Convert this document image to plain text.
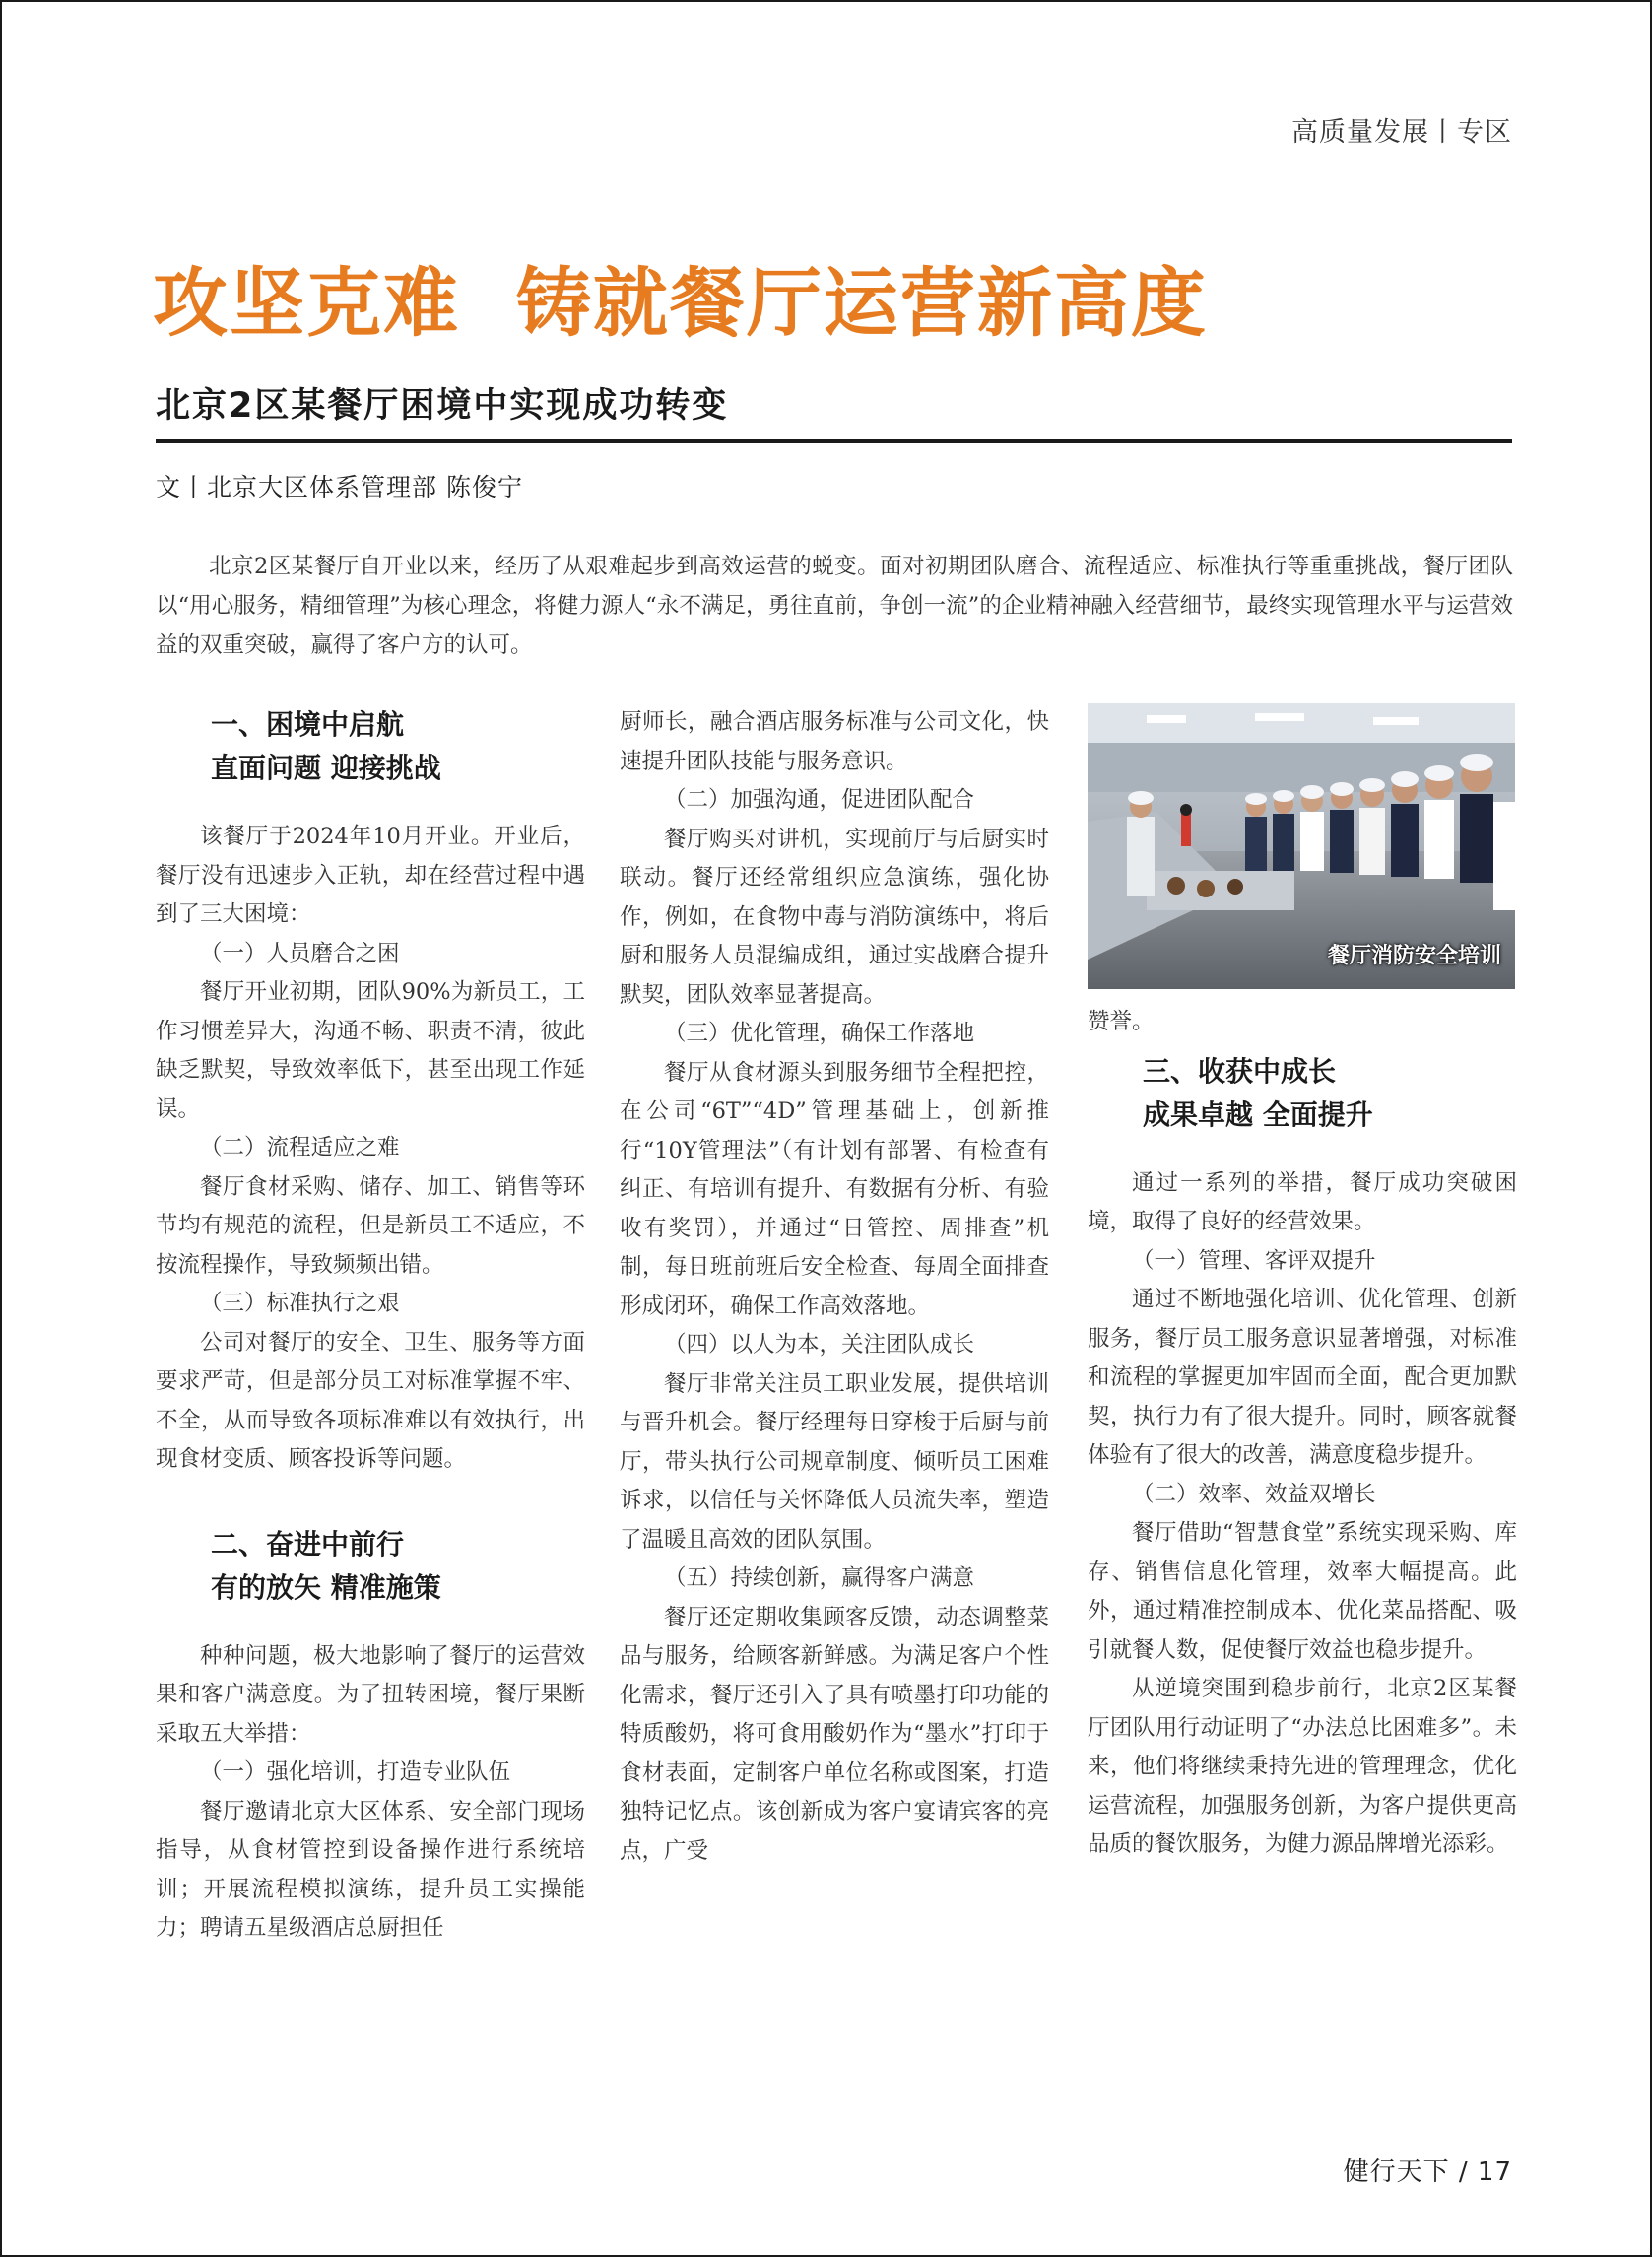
高质量发展丨专区
攻坚克难  铸就餐厅运营新高度
北京2区某餐厅困境中实现成功转变
文丨北京大区体系管理部 陈俊宁

北京2区某餐厅自开业以来，经历了从艰难起步到高效运营的蜕变。面对初期团队磨合、流程适应、标准执行等重重挑战，餐厅团队以“用心服务，精细管理”为核心理念，将健力源人“永不满足，勇往直前，争创一流”的企业精神融入经营细节，最终实现管理水平与运营效益的双重突破，赢得了客户方的认可。

一、困境中启航

直面问题 迎接挑战

该餐厅于2024年10月开业。开业后，餐厅没有迅速步入正轨，却在经营过程中遇到了三大困境：

（一）人员磨合之困

餐厅开业初期，团队90%为新员工，工作习惯差异大，沟通不畅、职责不清，彼此缺乏默契，导致效率低下，甚至出现工作延误。

（二）流程适应之难

餐厅食材采购、储存、加工、销售等环节均有规范的流程，但是新员工不适应，不按流程操作，导致频频出错。

（三）标准执行之艰

公司对餐厅的安全、卫生、服务等方面要求严苛，但是部分员工对标准掌握不牢、不全，从而导致各项标准难以有效执行，出现食材变质、顾客投诉等问题。

二、奋进中前行

有的放矢 精准施策

种种问题，极大地影响了餐厅的运营效果和客户满意度。为了扭转困境，餐厅果断采取五大举措：

（一）强化培训，打造专业队伍

餐厅邀请北京大区体系、安全部门现场指导，从食材管控到设备操作进行系统培训；开展流程模拟演练，提升员工实操能力；聘请五星级酒店总厨担任

厨师长，融合酒店服务标准与公司文化，快速提升团队技能与服务意识。

（二）加强沟通，促进团队配合

餐厅购买对讲机，实现前厅与后厨实时联动。餐厅还经常组织应急演练，强化协作，例如，在食物中毒与消防演练中，将后厨和服务人员混编成组，通过实战磨合提升默契，团队效率显著提高。

（三）优化管理，确保工作落地

餐厅从食材源头到服务细节全程把控，在公司“6T”“4D”管理基础上，创新推行“10Y管理法”（有计划有部署、有检查有纠正、有培训有提升、有数据有分析、有验收有奖罚），并通过“日管控、周排查”机制，每日班前班后安全检查、每周全面排查形成闭环，确保工作高效落地。

（四）以人为本，关注团队成长

餐厅非常关注员工职业发展，提供培训与晋升机会。餐厅经理每日穿梭于后厨与前厅，带头执行公司规章制度、倾听员工困难诉求，以信任与关怀降低人员流失率，塑造了温暖且高效的团队氛围。

（五）持续创新，赢得客户满意

餐厅还定期收集顾客反馈，动态调整菜品与服务，给顾客新鲜感。为满足客户个性化需求，餐厅还引入了具有喷墨打印功能的特质酸奶，将可食用酸奶作为“墨水”打印于食材表面，定制客户单位名称或图案，打造独特记忆点。该创新成为客户宴请宾客的亮点，广受

餐厅消防安全培训

赞誉。

三、收获中成长

成果卓越 全面提升

通过一系列的举措，餐厅成功突破困境，取得了良好的经营效果。

（一）管理、客评双提升

通过不断地强化培训、优化管理、创新服务，餐厅员工服务意识显著增强，对标准和流程的掌握更加牢固而全面，配合更加默契，执行力有了很大提升。同时，顾客就餐体验有了很大的改善，满意度稳步提升。

（二）效率、效益双增长

餐厅借助“智慧食堂”系统实现采购、库存、销售信息化管理，效率大幅提高。此外，通过精准控制成本、优化菜品搭配、吸引就餐人数，促使餐厅效益也稳步提升。

从逆境突围到稳步前行，北京2区某餐厅团队用行动证明了“办法总比困难多”。未来，他们将继续秉持先进的管理理念，优化运营流程，加强服务创新，为客户提供更高品质的餐饮服务，为健力源品牌增光添彩。

健行天下 / 17
